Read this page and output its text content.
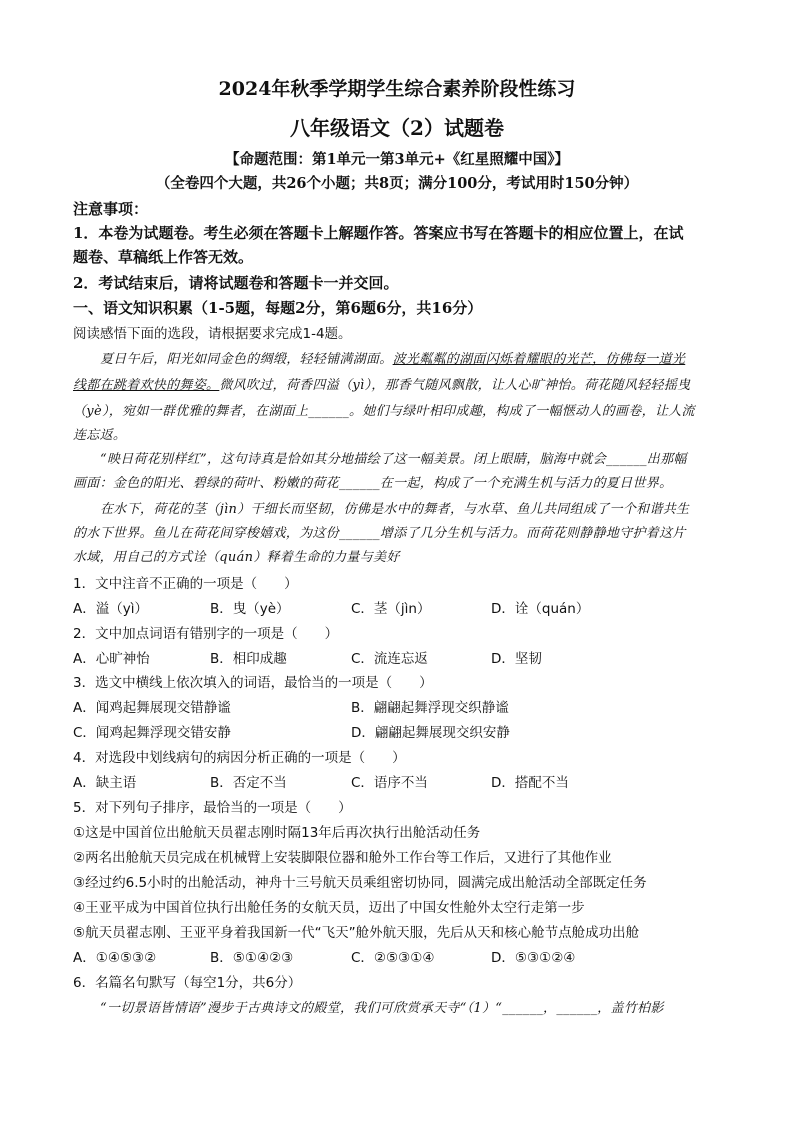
2024年秋季学期学生综合素养阶段性练习
八年级语文（2）试题卷
【命题范围：第1单元一第3单元+《红星照耀中国》】
（全卷四个大题，共26个小题；共8页；满分100分，考试用时150分钟）
注意事项：
1．本卷为试题卷。考生必须在答题卡上解题作答。答案应书写在答题卡的相应位置上，在试
题卷、草稿纸上作答无效。
2．考试结束后，请将试题卷和答题卡一并交回。
一、语文知识积累（1-5题，每题2分，第6题6分，共16分）
阅读感悟下面的选段，请根据要求完成1-4题。
夏日午后，阳光如同金色的绸缎，轻轻铺满湖面。波光粼粼的湖面闪烁着耀眼的光芒，仿佛每一道光
线都在跳着欢快的舞姿。微风吹过，荷香四溢（yì），那香气随风飘散，让人心旷神怡。荷花随风轻轻摇曳
（yè），宛如一群优雅的舞者，在湖面上______。她们与绿叶相印成趣，构成了一幅惬动人的画卷，让人流
连忘返。
“映日荷花别样红”，这句诗真是恰如其分地描绘了这一幅美景。闭上眼睛，脑海中就会______出那幅
画面：金色的阳光、碧绿的荷叶、粉嫩的荷花______在一起，构成了一个充满生机与活力的夏日世界。
在水下，荷花的茎（jìn）干细长而坚韧，仿佛是水中的舞者，与水草、鱼儿共同组成了一个和谐共生
的水下世界。鱼儿在荷花间穿梭嬉戏，为这份______增添了几分生机与活力。而荷花则静静地守护着这片
水域，用自己的方式诠（quán）释着生命的力量与美好
1．文中注音不正确的一项是（　　）
A．溢（yì）	B．曳（yè）	C．茎（jìn）	D．诠（quán）
2．文中加点词语有错别字的一项是（　　）
A．心旷神怡	B．相印成趣	C．流连忘返	D．坚韧
3．选文中横线上依次填入的词语，最恰当的一项是（　　）
A．闻鸡起舞展现交错静谧	B．翩翩起舞浮现交织静谧
C．闻鸡起舞浮现交错安静	D．翩翩起舞展现交织安静
4．对选段中划线病句的病因分析正确的一项是（　　）
A．缺主语	B．否定不当	C．语序不当	D．搭配不当
5．对下列句子排序，最恰当的一项是（　　）
①这是中国首位出舱航天员翟志刚时隔13年后再次执行出舱活动任务
②两名出舱航天员完成在机械臂上安装脚限位器和舱外工作台等工作后，又进行了其他作业
③经过约6.5小时的出舱活动，神舟十三号航天员乘组密切协同，圆满完成出舱活动全部既定任务
④王亚平成为中国首位执行出舱任务的女航天员，迈出了中国女性舱外太空行走第一步
⑤航天员翟志刚、王亚平身着我国新一代“飞天”舱外航天服，先后从天和核心舱节点舱成功出舱
A．①④⑤③②	B．⑤①④②③	C．②⑤③①④	D．⑤③①②④
6．名篇名句默写（每空1分，共6分）
“一切景语皆情语”漫步于古典诗文的殿堂，我们可欣赏承天寺“（1）“______，______，盖竹柏影
